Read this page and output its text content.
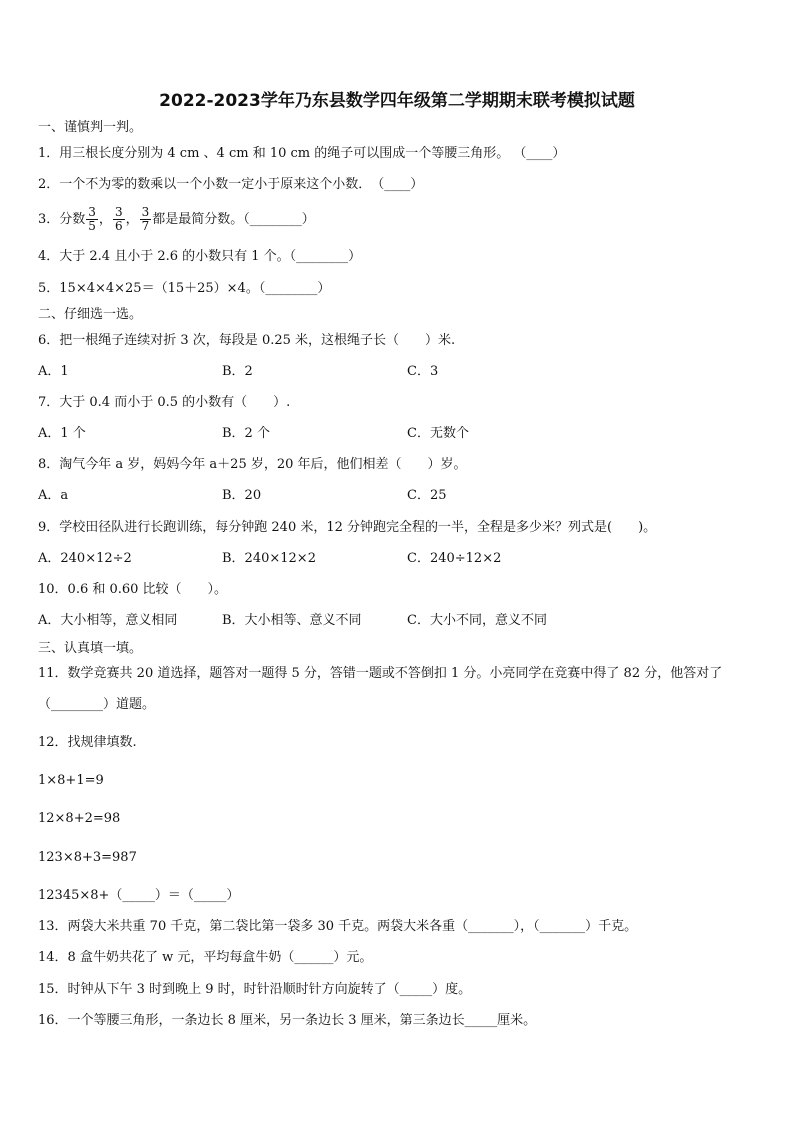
2022-2023学年乃东县数学四年级第二学期期末联考模拟试题
一、谨慎判一判。
1．用三根长度分别为 4 cm 、4 cm 和 10 cm 的绳子可以围成一个等腰三角形。 （____）
2．一个不为零的数乘以一个小数一定小于原来这个小数．　（____）
3．分数 $\frac{3}{5}$ ， $\frac{3}{6}$ ， $\frac{3}{7}$ 都是最简分数。（________）
4．大于 2.4 且小于 2.6 的小数只有 1 个。（________）
5．15×4×4×25＝（15＋25）×4。（________）
二、仔细选一选。
6．把一根绳子连续对折 3 次，每段是 0.25 米，这根绳子长（　　）米.
A．1	B．2	C．3
7．大于 0.4 而小于 0.5 的小数有（　　）.
A．1 个	B．2 个	C．无数个
8．淘气今年 a 岁，妈妈今年 a＋25 岁，20 年后，他们相差（　　）岁。
A．a	B．20	C．25
9．学校田径队进行长跑训练，每分钟跑 240 米，12 分钟跑完全程的一半，全程是多少米？列式是(　　)。
A．240×12÷2	B．240×12×2	C．240÷12×2
10．0.6 和 0.60 比较（　　）。
A．大小相等，意义相同	B．大小相等、意义不同	C．大小不同，意义不同
三、认真填一填。
11．数学竞赛共 20 道选择，题答对一题得 5 分，答错一题或不答倒扣 1 分。小亮同学在竞赛中得了 82 分，他答对了
（________）道题。
12．找规律填数.
1×8+1=9
12×8+2=98
123×8+3=987
12345×8+（_____）＝（_____）
13．两袋大米共重 70 千克，第二袋比第一袋多 30 千克。两袋大米各重（_______），（_______）千克。
14．8 盒牛奶共花了 w 元，平均每盒牛奶（______）元。
15．时钟从下午 3 时到晚上 9 时，时针沿顺时针方向旋转了（_____）度。
16．一个等腰三角形，一条边长 8 厘米，另一条边长 3 厘米，第三条边长_____厘米。
